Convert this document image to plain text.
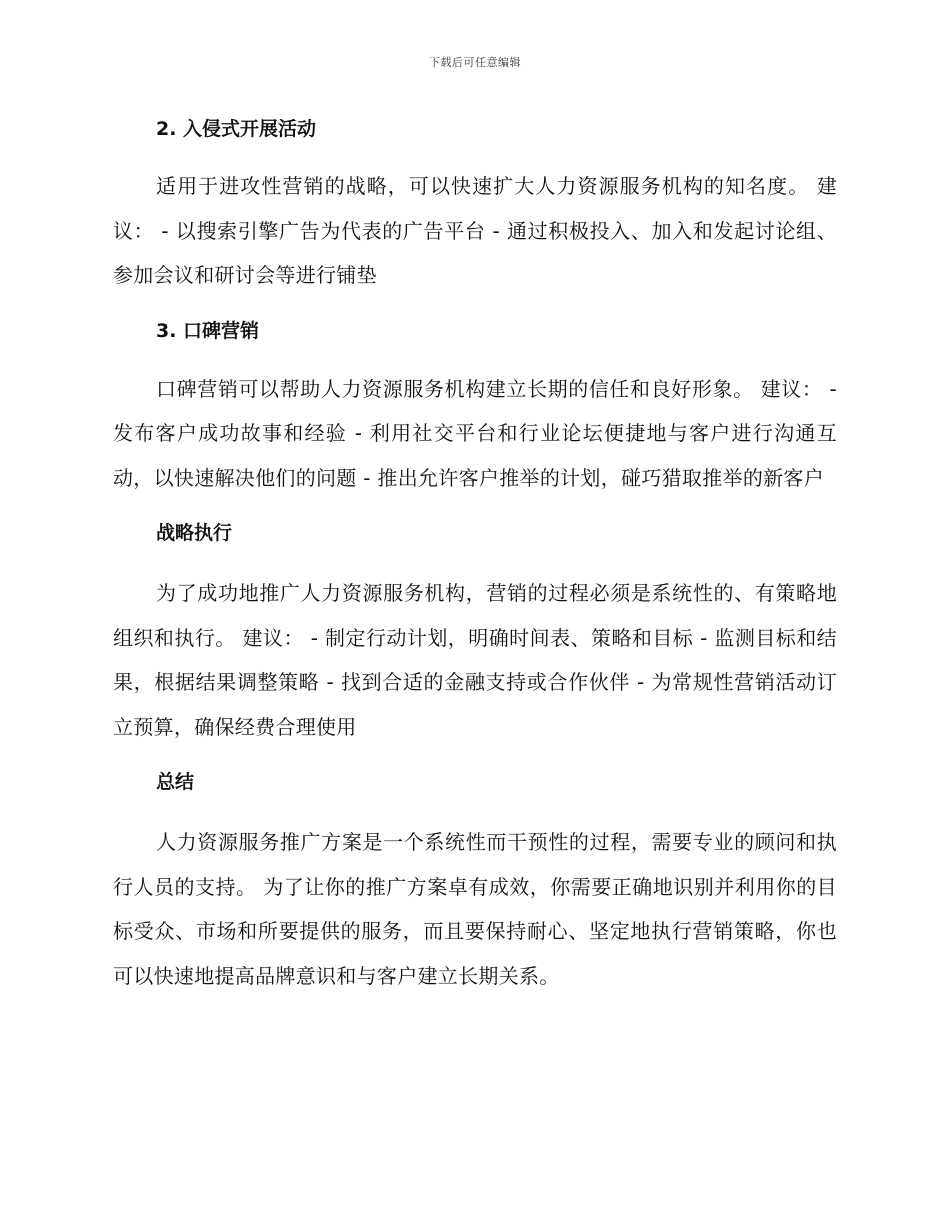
下载后可任意编辑
2. 入侵式开展活动

适用于进攻性营销的战略，可以快速扩大人力资源服务机构的知名度。 建议： - 以搜索引擎广告为代表的广告平台 - 通过积极投入、加入和发起讨论组、参加会议和研讨会等进行铺垫

3. 口碑营销

口碑营销可以帮助人力资源服务机构建立长期的信任和良好形象。 建议： - 发布客户成功故事和经验 - 利用社交平台和行业论坛便捷地与客户进行沟通互动，以快速解决他们的问题 - 推出允许客户推举的计划，碰巧猎取推举的新客户

战略执行

为了成功地推广人力资源服务机构，营销的过程必须是系统性的、有策略地组织和执行。 建议： - 制定行动计划，明确时间表、策略和目标 - 监测目标和结果，根据结果调整策略 - 找到合适的金融支持或合作伙伴 - 为常规性营销活动订立预算，确保经费合理使用

总结

人力资源服务推广方案是一个系统性而干预性的过程，需要专业的顾问和执行人员的支持。 为了让你的推广方案卓有成效，你需要正确地识别并利用你的目标受众、市场和所要提供的服务，而且要保持耐心、坚定地执行营销策略，你也可以快速地提高品牌意识和与客户建立长期关系。
